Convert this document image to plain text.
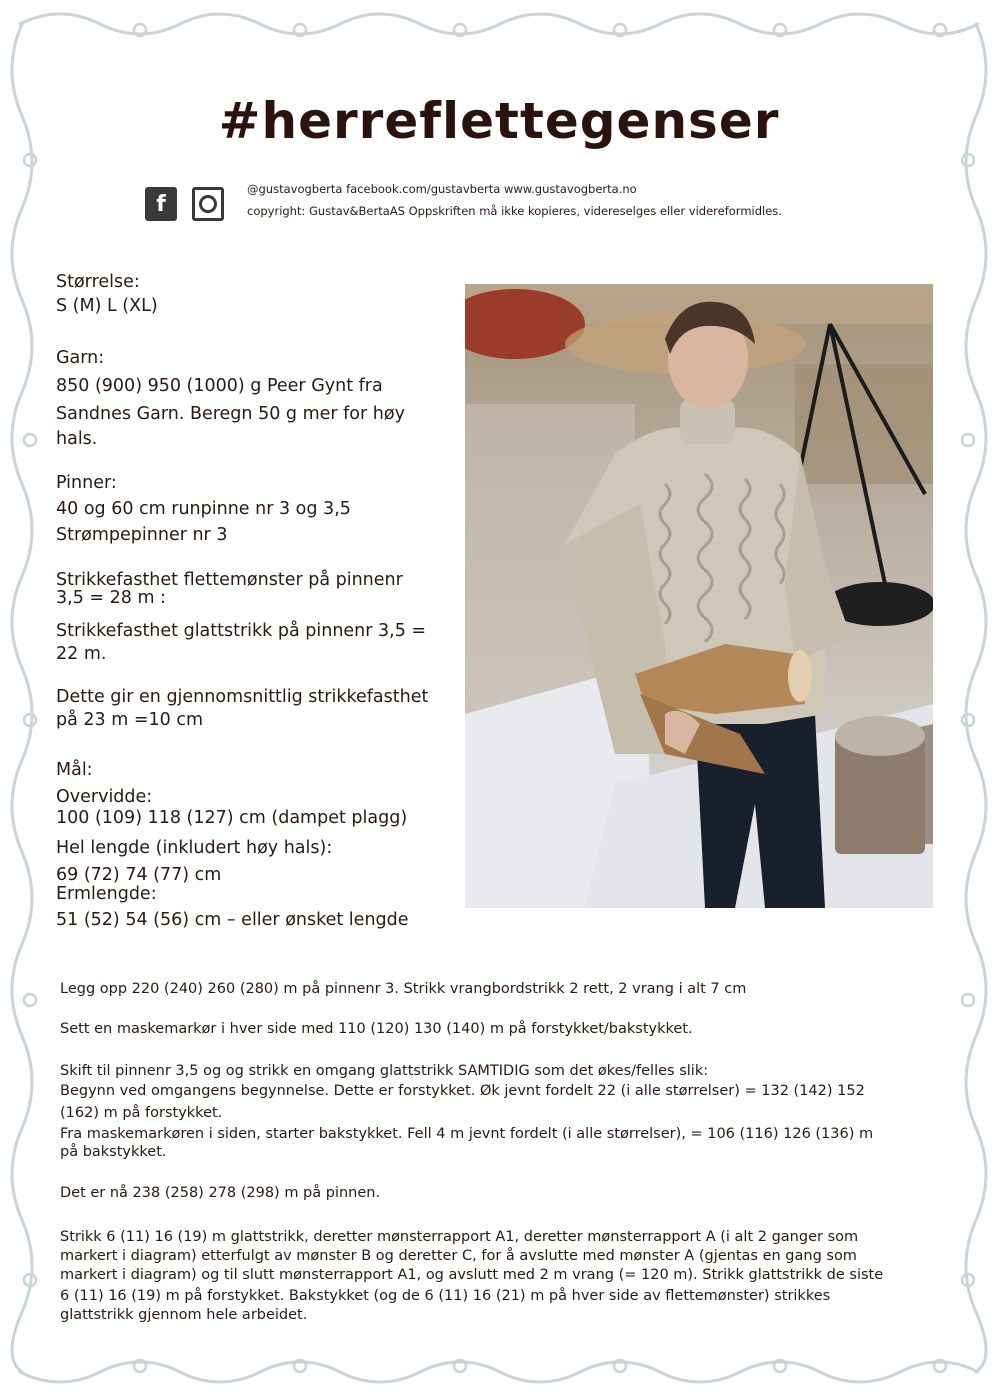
#herreflettegenser
f
@gustavogberta facebook.com/gustavberta www.gustavogberta.no
copyright: Gustav&BertaAS Oppskriften må ikke kopieres, videreselges eller videreformidles.

Størrelse:

S (M) L (XL)

Garn:

850 (900) 950 (1000) g Peer Gynt fra

Sandnes Garn. Beregn 50 g mer for høy

hals.

Pinner:

40 og 60 cm runpinne nr 3 og 3,5

Strømpepinner nr 3

Strikkefasthet flettemønster på pinnenr

3,5 = 28 m :

Strikkefasthet glattstrikk på pinnenr 3,5 =

22 m.

Dette gir en gjennomsnittlig strikkefasthet

på 23 m =10 cm

Mål:

Overvidde:

100 (109) 118 (127) cm (dampet plagg)

Hel lengde (inkludert høy hals):

69 (72) 74 (77) cm

Ermlengde:

51 (52) 54 (56) cm – eller ønsket lengde

Legg opp 220 (240) 260 (280) m på pinnenr 3. Strikk vrangbordstrikk 2 rett, 2 vrang i alt 7 cm

Sett en maskemarkør i hver side med 110 (120) 130 (140) m på forstykket/bakstykket.

Skift til pinnenr 3,5 og og strikk en omgang glattstrikk SAMTIDIG som det økes/felles slik:

Begynn ved omgangens begynnelse. Dette er forstykket. Øk jevnt fordelt 22 (i alle størrelser) = 132 (142) 152

(162) m på forstykket.

Fra maskemarkøren i siden, starter bakstykket. Fell 4 m jevnt fordelt (i alle størrelser), = 106 (116) 126 (136) m

på bakstykket.

Det er nå 238 (258) 278 (298) m på pinnen.

Strikk 6 (11) 16 (19) m glattstrikk, deretter mønsterrapport A1, deretter mønsterrapport A (i alt 2 ganger som

markert i diagram) etterfulgt av mønster B og deretter C, for å avslutte med mønster A (gjentas en gang som

markert i diagram) og til slutt mønsterrapport A1, og avslutt med 2 m vrang (= 120 m). Strikk glattstrikk de siste

6 (11) 16 (19) m på forstykket. Bakstykket (og de 6 (11) 16 (21) m på hver side av flettemønster) strikkes

glattstrikk gjennom hele arbeidet.
